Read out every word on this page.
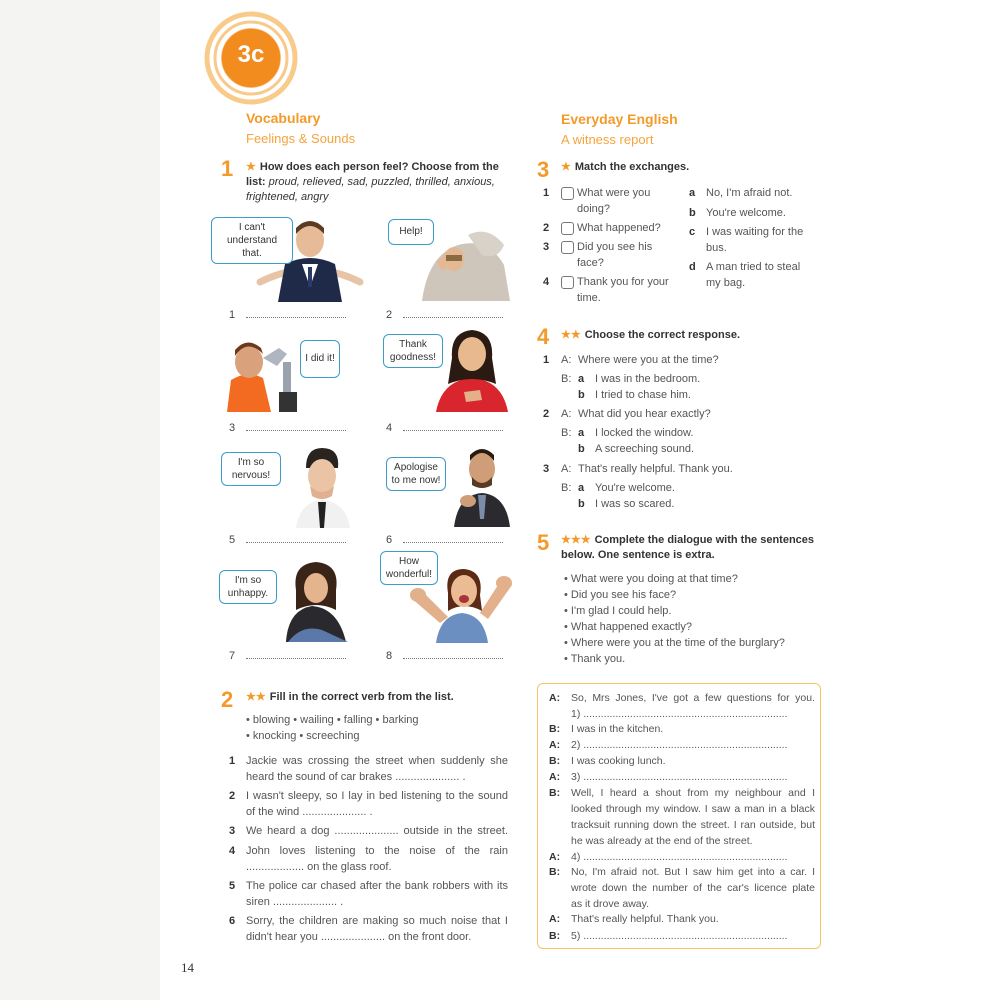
3c
Vocabulary
Feelings & Sounds
1 ★ How does each person feel? Choose from the list: proud, relieved, sad, puzzled, thrilled, anxious, frightened, angry
I can't understand that.
Help!
1	2
I did it!
Thank goodness!
3	4
I'm so nervous!
Apologise to me now!
5	6
I'm so unhappy.
How wonderful!
7	8
2 ★★ Fill in the correct verb from the list.
• blowing • wailing • falling • barking
• knocking • screeching
1 Jackie was crossing the street when suddenly she
heard the sound of car brakes ..................... .
2 I wasn't sleepy, so I lay in bed listening to the sound
of the wind ..................... .
3 We heard a dog ..................... outside in the street.
4 John loves listening to the noise of the rain
................... on the glass roof.
5 The police car chased after the bank robbers with its
siren ..................... .
6 Sorry, the children are making so much noise that I
didn't hear you ..................... on the front door.
Everyday English
A witness report
3 ★ Match the exchanges.
1	What were you
doing?
2	What happened?
3	Did you see his
face?
4	Thank you for your
time.
a No, I'm afraid not.
b You're welcome.
c I was waiting for the
bus.
d A man tried to steal
my bag.
4 ★★ Choose the correct response.
1 A: Where were you at the time?
B: a I was in the bedroom.
b I tried to chase him.
2 A: What did you hear exactly?
B: a I locked the window.
b A screeching sound.
3 A: That's really helpful. Thank you.
B: a You're welcome.
b I was so scared.
5 ★★★ Complete the dialogue with the sentences
below. One sentence is extra.
• What were you doing at that time?
• Did you see his face?
• I'm glad I could help.
• What happened exactly?
• Where were you at the time of the burglary?
• Thank you.
A: So, Mrs Jones, I've got a few questions for you.
1) ......................................................................
B: I was in the kitchen.
A: 2) ......................................................................
B: I was cooking lunch.
A: 3) ......................................................................
B: Well, I heard a shout from my neighbour and I
looked through my window. I saw a man in a black
tracksuit running down the street. I ran outside, but
he was already at the end of the street.
A: 4) ......................................................................
B: No, I'm afraid not. But I saw him get into a car. I
wrote down the number of the car's licence plate
as it drove away.
A: That's really helpful. Thank you.
B: 5) ......................................................................
14
